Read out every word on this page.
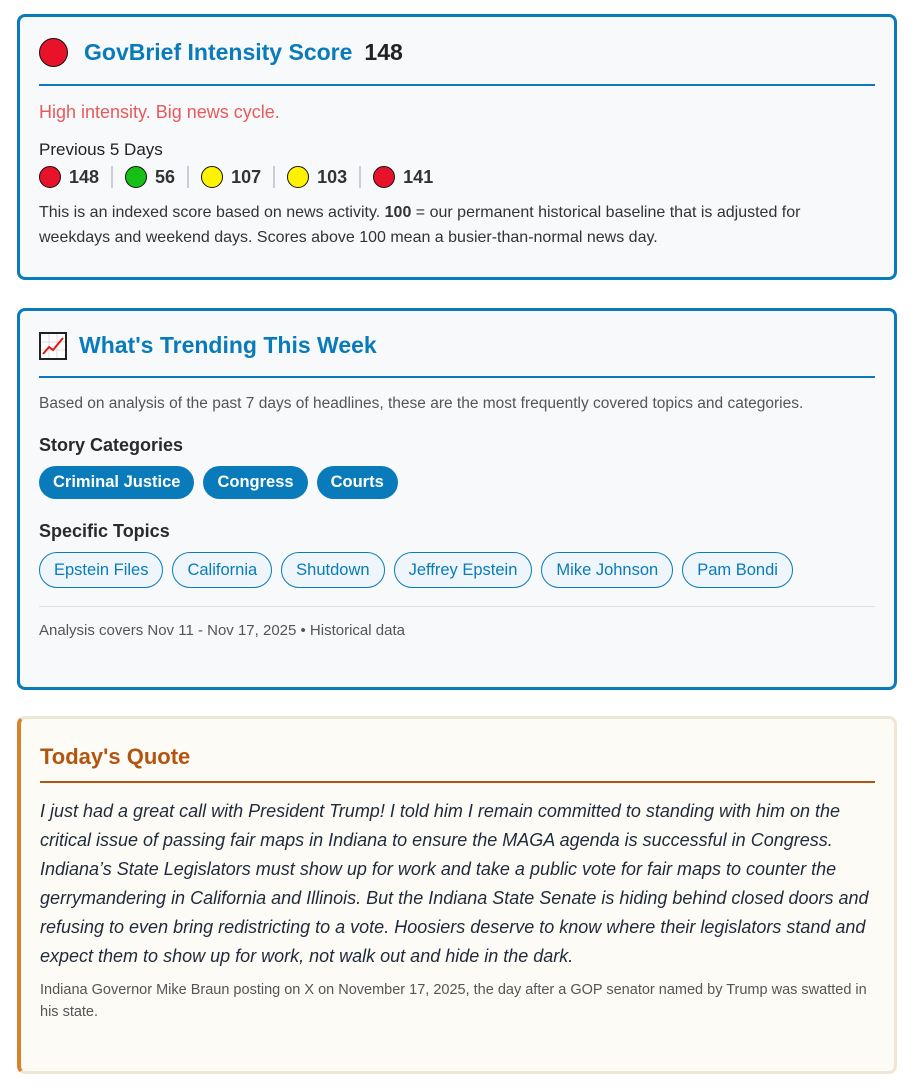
GovBrief Intensity Score 148
High intensity. Big news cycle.
Previous 5 Days
148	56	107	103	141
This is an indexed score based on news activity. 100 = our permanent historical baseline that is adjusted for weekdays and weekend days. Scores above 100 mean a busier-than-normal news day.
What's Trending This Week
Based on analysis of the past 7 days of headlines, these are the most frequently covered topics and categories.
Story Categories
Criminal Justice	Congress	Courts
Specific Topics
Epstein Files	California	Shutdown	Jeffrey Epstein	Mike Johnson	Pam Bondi
Analysis covers Nov 11 - Nov 17, 2025 • Historical data
Today's Quote
I just had a great call with President Trump! I told him I remain committed to standing with him on the critical issue of passing fair maps in Indiana to ensure the MAGA agenda is successful in Congress. Indiana’s State Legislators must show up for work and take a public vote for fair maps to counter the gerrymandering in California and Illinois. But the Indiana State Senate is hiding behind closed doors and refusing to even bring redistricting to a vote. Hoosiers deserve to know where their legislators stand and expect them to show up for work, not walk out and hide in the dark.
Indiana Governor Mike Braun posting on X on November 17, 2025, the day after a GOP senator named by Trump was swatted in his state.
